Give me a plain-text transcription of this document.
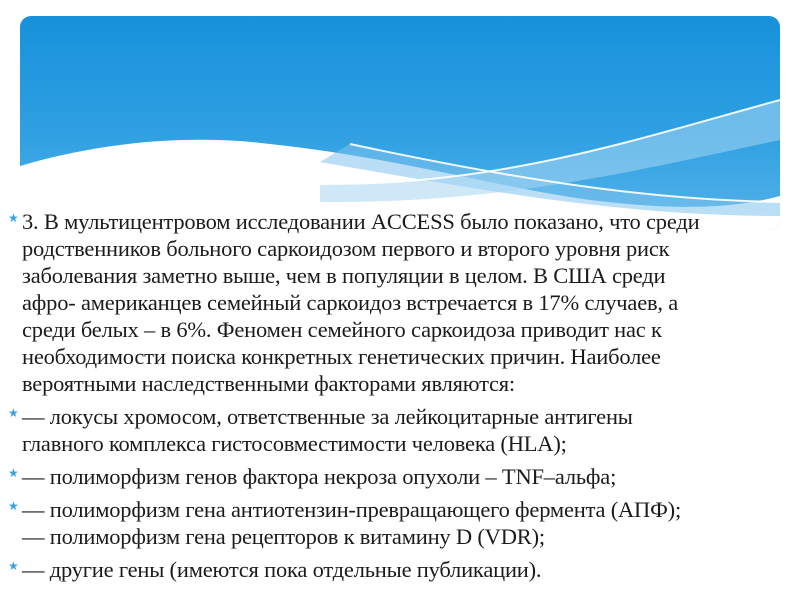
★ 3. В мультицентровом исследовании ACCESS было показано, что среди
родственников больного саркоидозом первого и второго уровня риск
заболевания заметно выше, чем в популяции в целом. В США среди
афро- американцев семейный саркоидоз встречается в 17% случаев, а
среди белых – в 6%. Феномен семейного саркоидоза приводит нас к
необходимости поиска конкретных генетических причин. Наиболее
вероятными наследственными факторами являются:
★ — локусы хромосом, ответственные за лейкоцитарные антигены
главного комплекса гистосовместимости человека (HLA);
★ — полиморфизм генов фактора некроза опухоли – TNF–альфа;
★ — полиморфизм гена антиотензин-превращающего фермента (АПФ);
— полиморфизм гена рецепторов к витамину D (VDR);
★ — другие гены (имеются пока отдельные публикации).
